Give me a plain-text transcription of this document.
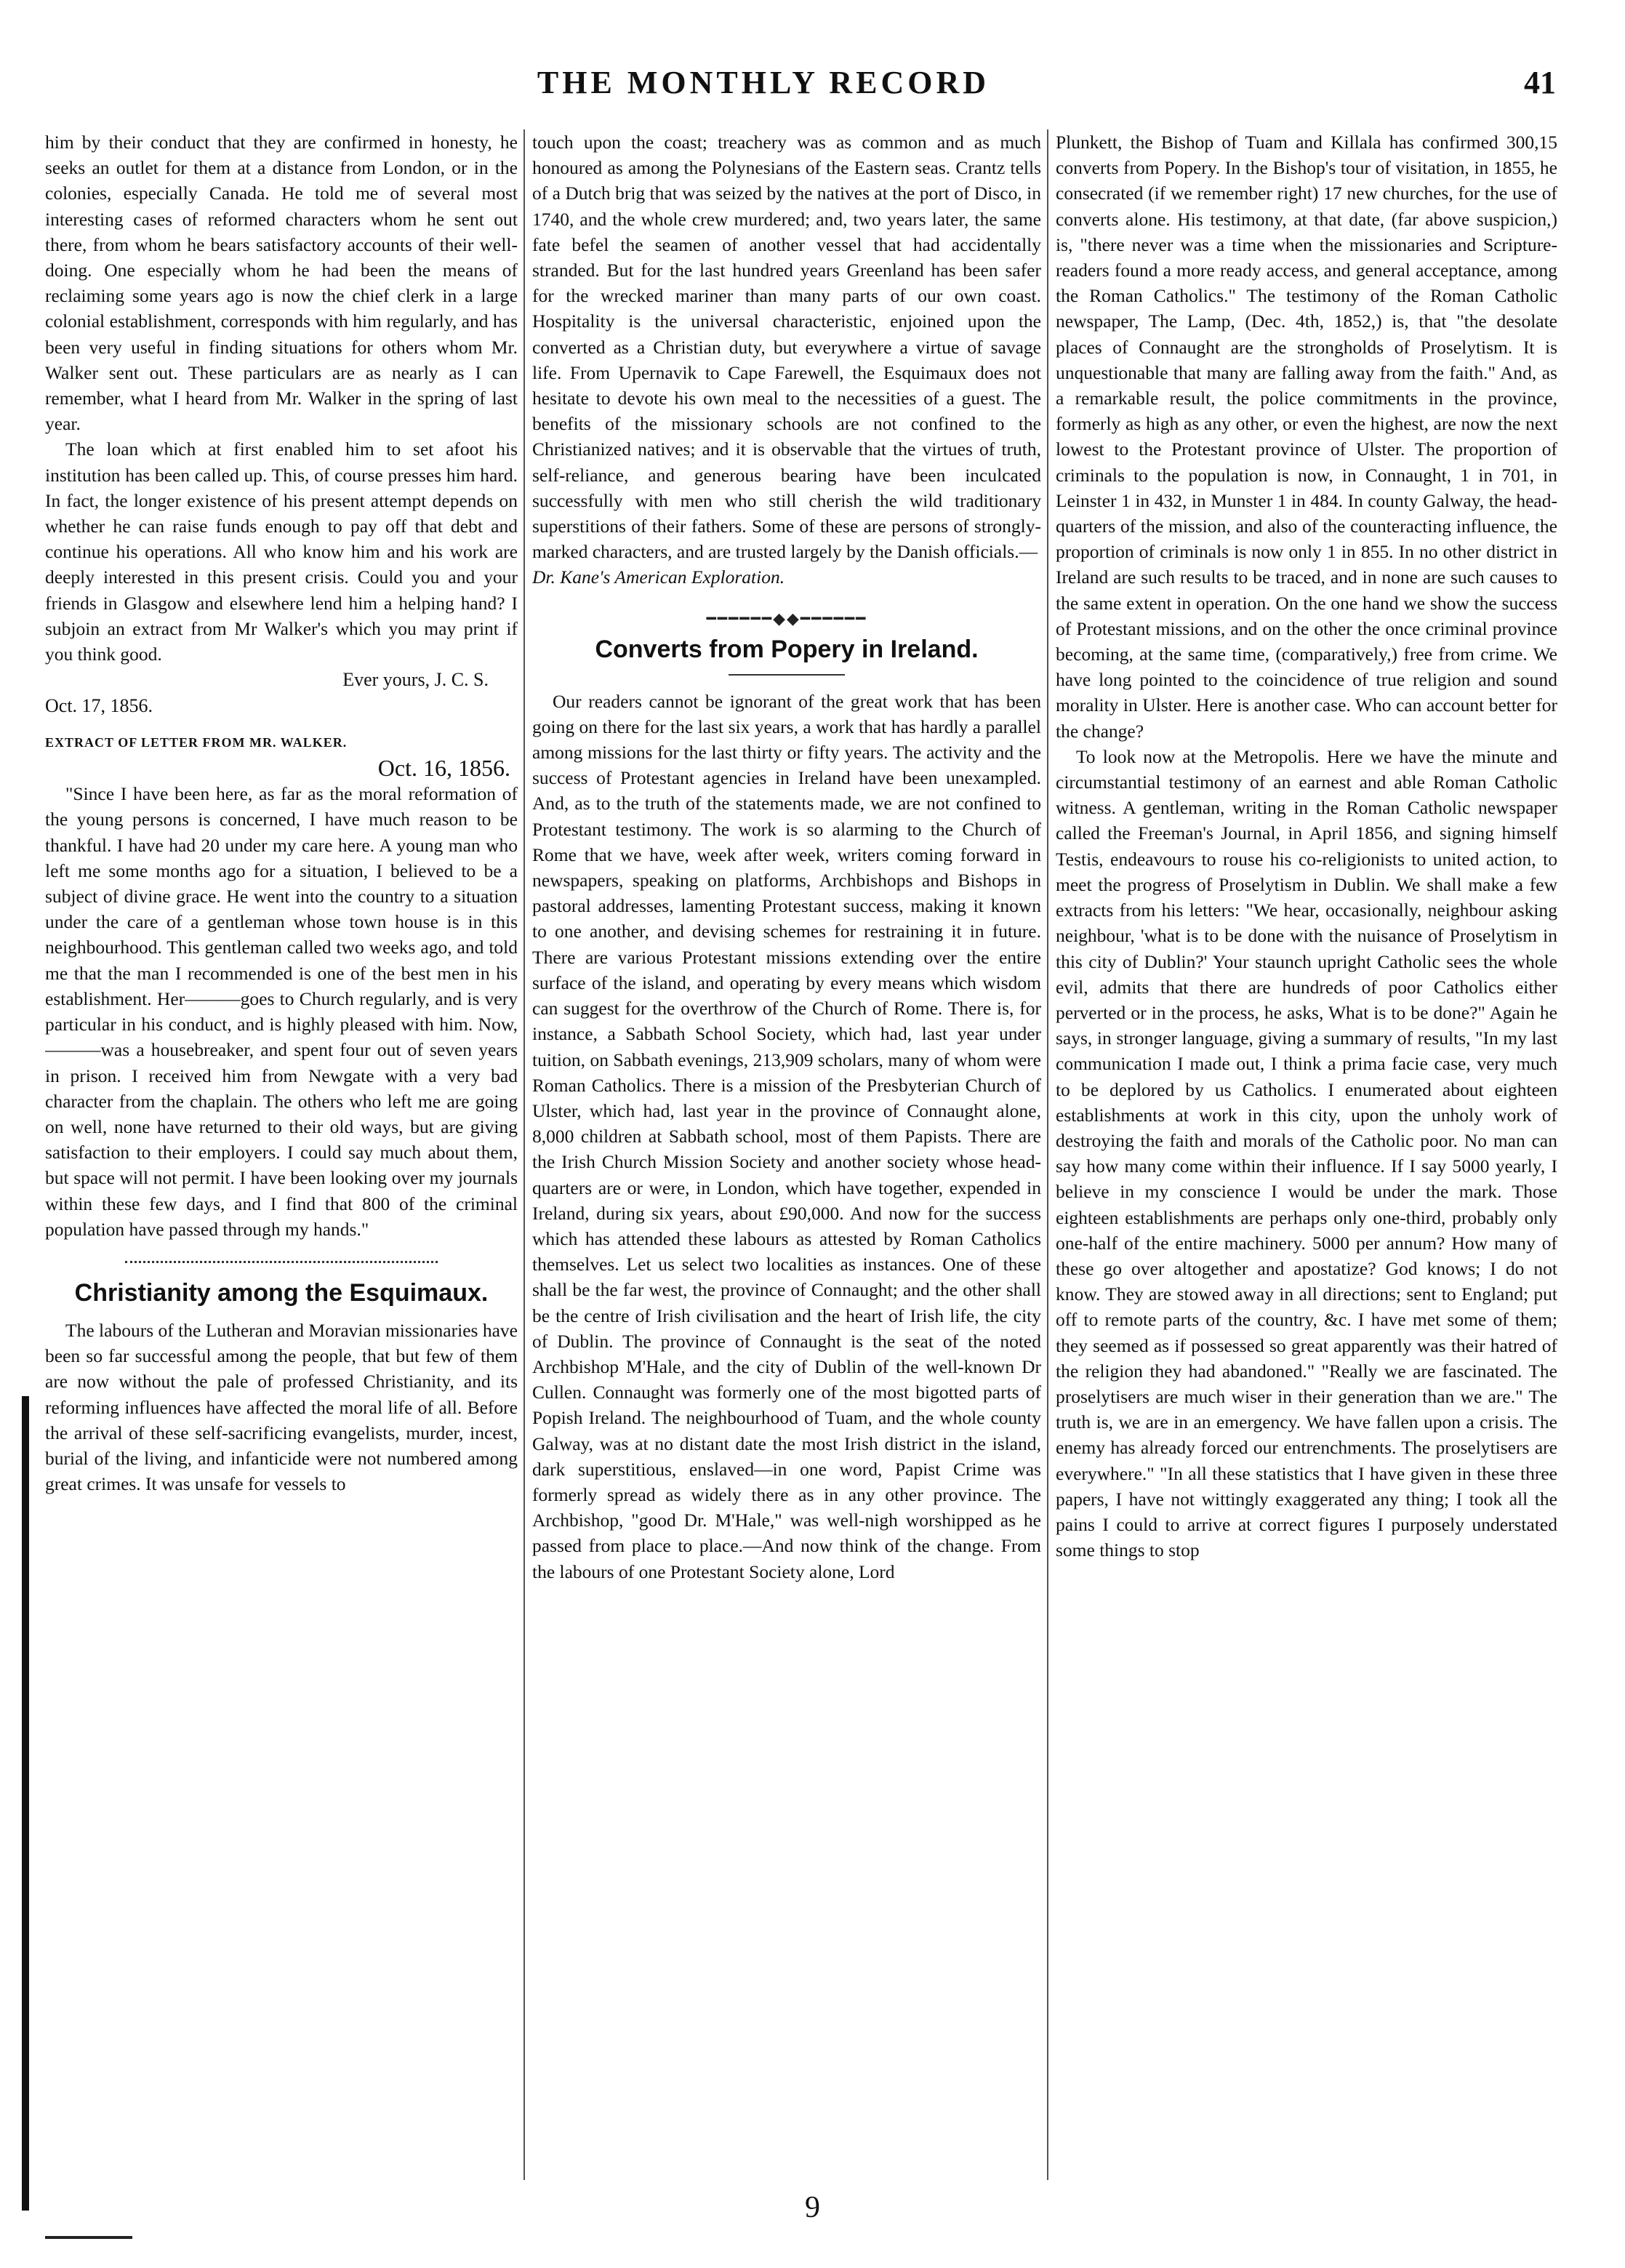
THE MONTHLY RECORD	41

him by their conduct that they are confirmed in honesty, he seeks an outlet for them at a distance from London, or in the colonies, especially Canada. He told me of several most interesting cases of reformed characters whom he sent out there, from whom he bears satisfactory accounts of their well-doing. One especially whom he had been the means of reclaiming some years ago is now the chief clerk in a large colonial establishment, corresponds with him regularly, and has been very useful in finding situations for others whom Mr. Walker sent out. These particulars are as nearly as I can remember, what I heard from Mr. Walker in the spring of last year.

The loan which at first enabled him to set afoot his institution has been called up. This, of course presses him hard. In fact, the longer existence of his present attempt depends on whether he can raise funds enough to pay off that debt and continue his operations. All who know him and his work are deeply interested in this present crisis. Could you and your friends in Glasgow and elsewhere lend him a helping hand? I subjoin an extract from Mr Walker's which you may print if you think good.

Ever yours, J. C. S.

Oct. 17, 1856.

EXTRACT OF LETTER FROM MR. WALKER.

Oct. 16, 1856.

"Since I have been here, as far as the moral reformation of the young persons is concerned, I have much reason to be thankful. I have had 20 under my care here. A young man who left me some months ago for a situation, I believed to be a subject of divine grace. He went into the country to a situation under the care of a gentleman whose town house is in this neighbourhood. This gentleman called two weeks ago, and told me that the man I recommended is one of the best men in his establishment. Her———goes to Church regularly, and is very particular in his conduct, and is highly pleased with him. Now,———was a housebreaker, and spent four out of seven years in prison. I received him from Newgate with a very bad character from the chaplain. The others who left me are going on well, none have returned to their old ways, but are giving satisfaction to their employers. I could say much about them, but space will not permit. I have been looking over my journals within these few days, and I find that 800 of the criminal population have passed through my hands."

Christianity among the Esquimaux.

The labours of the Lutheran and Moravian missionaries have been so far successful among the people, that but few of them are now without the pale of professed Christianity, and its reforming influences have affected the moral life of all. Before the arrival of these self-sacrificing evangelists, murder, incest, burial of the living, and infanticide were not numbered among great crimes. It was unsafe for vessels to

touch upon the coast; treachery was as common and as much honoured as among the Polynesians of the Eastern seas. Crantz tells of a Dutch brig that was seized by the natives at the port of Disco, in 1740, and the whole crew murdered; and, two years later, the same fate befel the seamen of another vessel that had accidentally stranded. But for the last hundred years Greenland has been safer for the wrecked mariner than many parts of our own coast. Hospitality is the universal characteristic, enjoined upon the converted as a Christian duty, but everywhere a virtue of savage life. From Upernavik to Cape Farewell, the Esquimaux does not hesitate to devote his own meal to the necessities of a guest. The benefits of the missionary schools are not confined to the Christianized natives; and it is observable that the virtues of truth, self-reliance, and generous bearing have been inculcated successfully with men who still cherish the wild traditionary superstitions of their fathers. Some of these are persons of strongly-marked characters, and are trusted largely by the Danish officials.—

Dr. Kane's American Exploration.

━━━━━━◆◆━━━━━━
Converts from Popery in Ireland.

Our readers cannot be ignorant of the great work that has been going on there for the last six years, a work that has hardly a parallel among missions for the last thirty or fifty years. The activity and the success of Protestant agencies in Ireland have been unexampled. And, as to the truth of the statements made, we are not confined to Protestant testimony. The work is so alarming to the Church of Rome that we have, week after week, writers coming forward in newspapers, speaking on platforms, Archbishops and Bishops in pastoral addresses, lamenting Protestant success, making it known to one another, and devising schemes for restraining it in future. There are various Protestant missions extending over the entire surface of the island, and operating by every means which wisdom can suggest for the overthrow of the Church of Rome. There is, for instance, a Sabbath School Society, which had, last year under tuition, on Sabbath evenings, 213,909 scholars, many of whom were Roman Catholics. There is a mission of the Presbyterian Church of Ulster, which had, last year in the province of Connaught alone, 8,000 children at Sabbath school, most of them Papists. There are the Irish Church Mission Society and another society whose head-quarters are or were, in London, which have together, expended in Ireland, during six years, about £90,000. And now for the success which has attended these labours as attested by Roman Catholics themselves. Let us select two localities as instances. One of these shall be the far west, the province of Connaught; and the other shall be the centre of Irish civilisation and the heart of Irish life, the city of Dublin. The province of Connaught is the seat of the noted Archbishop M'Hale, and the city of Dublin of the well-known Dr Cullen. Connaught was formerly one of the most bigotted parts of Popish Ireland. The neighbourhood of Tuam, and the whole county Galway, was at no distant date the most Irish district in the island, dark superstitious, enslaved—in one word, Papist Crime was formerly spread as widely there as in any other province. The Archbishop, "good Dr. M'Hale," was well-nigh worshipped as he passed from place to place.—And now think of the change. From the labours of one Protestant Society alone, Lord

Plunkett, the Bishop of Tuam and Killala has confirmed 300,15 converts from Popery. In the Bishop's tour of visitation, in 1855, he consecrated (if we remember right) 17 new churches, for the use of converts alone. His testimony, at that date, (far above suspicion,) is, "there never was a time when the missionaries and Scripture-readers found a more ready access, and general acceptance, among the Roman Catholics." The testimony of the Roman Catholic newspaper, The Lamp, (Dec. 4th, 1852,) is, that "the desolate places of Connaught are the strongholds of Proselytism. It is unquestionable that many are falling away from the faith." And, as a remarkable result, the police commitments in the province, formerly as high as any other, or even the highest, are now the next lowest to the Protestant province of Ulster. The proportion of criminals to the population is now, in Connaught, 1 in 701, in Leinster 1 in 432, in Munster 1 in 484. In county Galway, the head-quarters of the mission, and also of the counteracting influence, the proportion of criminals is now only 1 in 855. In no other district in Ireland are such results to be traced, and in none are such causes to the same extent in operation. On the one hand we show the success of Protestant missions, and on the other the once criminal province becoming, at the same time, (comparatively,) free from crime. We have long pointed to the coincidence of true religion and sound morality in Ulster. Here is another case. Who can account better for the change?

To look now at the Metropolis. Here we have the minute and circumstantial testimony of an earnest and able Roman Catholic witness. A gentleman, writing in the Roman Catholic newspaper called the Freeman's Journal, in April 1856, and signing himself Testis, endeavours to rouse his co-religionists to united action, to meet the progress of Proselytism in Dublin. We shall make a few extracts from his letters: "We hear, occasionally, neighbour asking neighbour, 'what is to be done with the nuisance of Proselytism in this city of Dublin?' Your staunch upright Catholic sees the whole evil, admits that there are hundreds of poor Catholics either perverted or in the process, he asks, What is to be done?" Again he says, in stronger language, giving a summary of results, "In my last communication I made out, I think a prima facie case, very much to be deplored by us Catholics. I enumerated about eighteen establishments at work in this city, upon the unholy work of destroying the faith and morals of the Catholic poor. No man can say how many come within their influence. If I say 5000 yearly, I believe in my conscience I would be under the mark. Those eighteen establishments are perhaps only one-third, probably only one-half of the entire machinery. 5000 per annum? How many of these go over altogether and apostatize? God knows; I do not know. They are stowed away in all directions; sent to England; put off to remote parts of the country, &c. I have met some of them; they seemed as if possessed so great apparently was their hatred of the religion they had abandoned." "Really we are fascinated. The proselytisers are much wiser in their generation than we are." The truth is, we are in an emergency. We have fallen upon a crisis. The enemy has already forced our entrenchments. The proselytisers are everywhere." "In all these statistics that I have given in these three papers, I have not wittingly exaggerated any thing; I took all the pains I could to arrive at correct figures I purposely understated some things to stop

9
